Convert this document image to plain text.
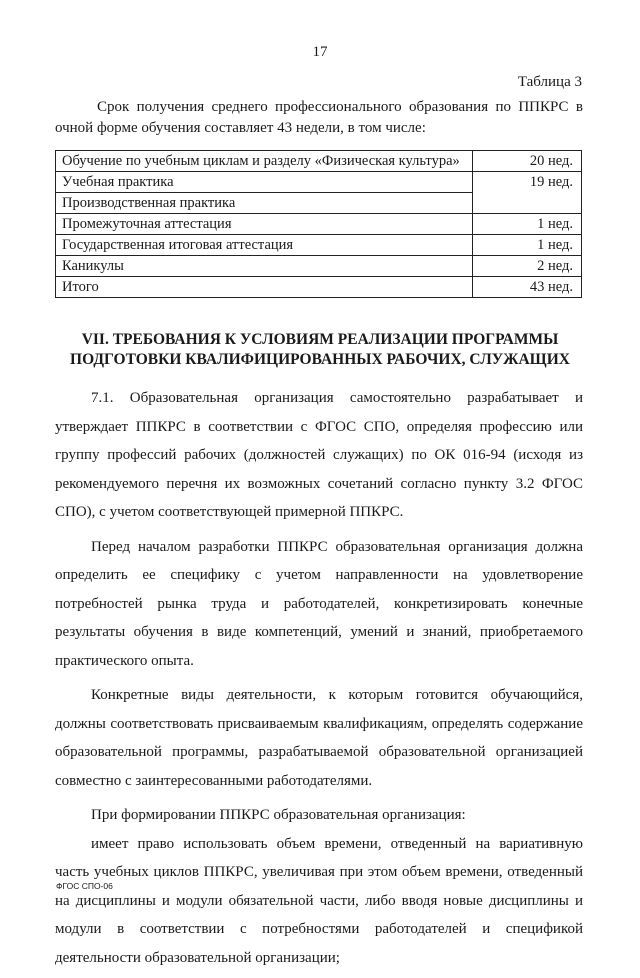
17
Таблица 3

Срок получения среднего профессионального образования по ППКРС в очной форме обучения составляет 43 недели, в том числе:

Обучение по учебным циклам и разделу «Физическая культура»	20 нед.
Учебная практика	19 нед.
Производственная практика	
Промежуточная аттестация	1 нед.
Государственная итоговая аттестация	1 нед.
Каникулы	2 нед.
Итого	43 нед.
VII. ТРЕБОВАНИЯ К УСЛОВИЯМ РЕАЛИЗАЦИИ ПРОГРАММЫ
ПОДГОТОВКИ КВАЛИФИЦИРОВАННЫХ РАБОЧИХ, СЛУЖАЩИХ

7.1. Образовательная организация самостоятельно разрабатывает и утверждает ППКРС в соответствии с ФГОС СПО, определяя профессию или группу профессий рабочих (должностей служащих) по ОК 016-94 (исходя из рекомендуемого перечня их возможных сочетаний согласно пункту 3.2 ФГОС СПО), с учетом соответствующей примерной ППКРС.

Перед началом разработки ППКРС образовательная организация должна определить ее специфику с учетом направленности на удовлетворение потребностей рынка труда и работодателей, конкретизировать конечные результаты обучения в виде компетенций, умений и знаний, приобретаемого практического опыта.

Конкретные виды деятельности, к которым готовится обучающийся, должны соответствовать присваиваемым квалификациям, определять содержание образовательной программы, разрабатываемой образовательной организацией совместно с заинтересованными работодателями.

При формировании ППКРС образовательная организация:

имеет право использовать объем времени, отведенный на вариативную часть учебных циклов ППКРС, увеличивая при этом объем времени, отведенный на дисциплины и модули обязательной части, либо вводя новые дисциплины и модули в соответствии с потребностями работодателей и спецификой деятельности образовательной организации;

ФГОС СПО-06
